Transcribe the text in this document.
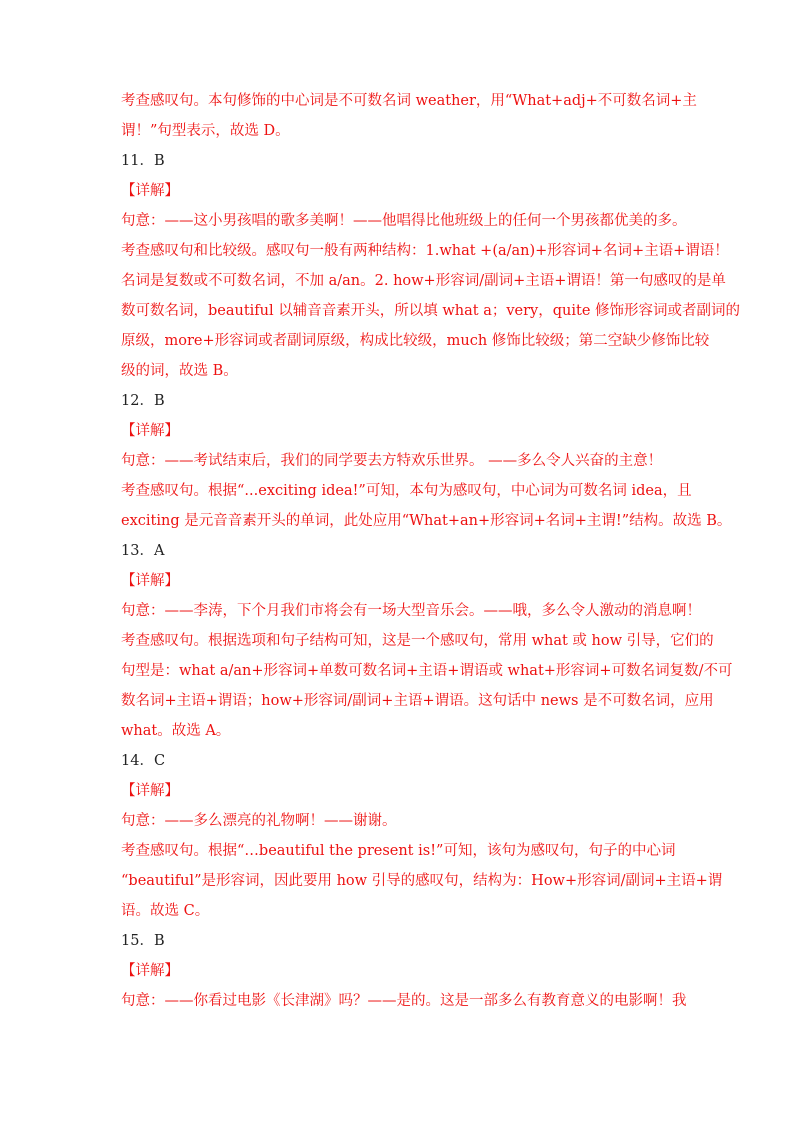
考查感叹句。本句修饰的中心词是不可数名词 weather，用“What+adj+不可数名词+主
谓！”句型表示，故选 D。
11．B
【详解】
句意：——这小男孩唱的歌多美啊！——他唱得比他班级上的任何一个男孩都优美的多。
考查感叹句和比较级。感叹句一般有两种结构：1.what +(a/an)+形容词+名词+主语+谓语！
名词是复数或不可数名词，不加 a/an。2. how+形容词/副词+主语+谓语！第一句感叹的是单
数可数名词，beautiful 以辅音音素开头，所以填 what a；very，quite 修饰形容词或者副词的
原级，more+形容词或者副词原级，构成比较级，much 修饰比较级；第二空缺少修饰比较
级的词，故选 B。
12．B
【详解】
句意：——考试结束后，我们的同学要去方特欢乐世界。 ——多么令人兴奋的主意！
考查感叹句。根据“...exciting idea!”可知，本句为感叹句，中心词为可数名词 idea，且
exciting 是元音音素开头的单词，此处应用“What+an+形容词+名词+主谓!”结构。故选 B。
13．A
【详解】
句意：——李涛，下个月我们市将会有一场大型音乐会。——哦，多么令人激动的消息啊！
考查感叹句。根据选项和句子结构可知，这是一个感叹句，常用 what 或 how 引导，它们的
句型是：what a/an+形容词+单数可数名词+主语+谓语或 what+形容词+可数名词复数/不可
数名词+主语+谓语；how+形容词/副词+主语+谓语。这句话中 news 是不可数名词，应用
what。故选 A。
14．C
【详解】
句意：——多么漂亮的礼物啊！——谢谢。
考查感叹句。根据“…beautiful the present is!”可知，该句为感叹句，句子的中心词
“beautiful”是形容词，因此要用 how 引导的感叹句，结构为：How+形容词/副词+主语+谓
语。故选 C。
15．B
【详解】
句意：——你看过电影《长津湖》吗？——是的。这是一部多么有教育意义的电影啊！我
